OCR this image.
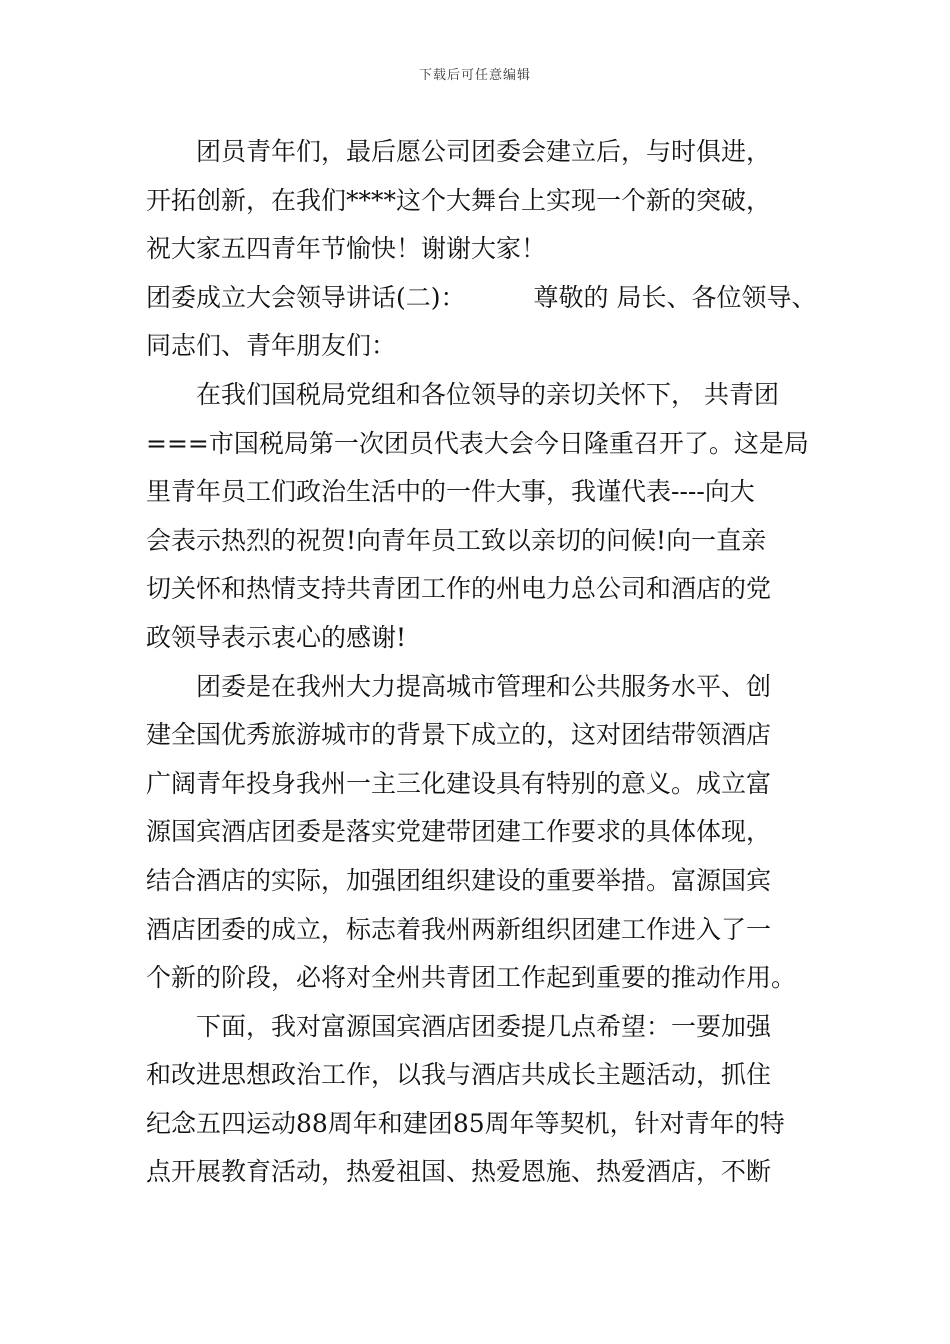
下载后可任意编辑
团员青年们，最后愿公司团委会建立后，与时俱进，
开拓创新，在我们****这个大舞台上实现一个新的突破，
祝大家五四青年节愉快！谢谢大家！
团委成立大会领导讲话(二)：	尊敬的 局长、各位领导、
同志们、青年朋友们：
在我们国税局党组和各位领导的亲切关怀下， 共青团
===市国税局第一次团员代表大会今日隆重召开了。这是局
里青年员工们政治生活中的一件大事，我谨代表----向大
会表示热烈的祝贺!向青年员工致以亲切的问候!向一直亲
切关怀和热情支持共青团工作的州电力总公司和酒店的党
政领导表示衷心的感谢!
团委是在我州大力提高城市管理和公共服务水平、创
建全国优秀旅游城市的背景下成立的，这对团结带领酒店
广阔青年投身我州一主三化建设具有特别的意义。成立富
源国宾酒店团委是落实党建带团建工作要求的具体体现，
结合酒店的实际，加强团组织建设的重要举措。富源国宾
酒店团委的成立，标志着我州两新组织团建工作进入了一
个新的阶段，必将对全州共青团工作起到重要的推动作用。
下面，我对富源国宾酒店团委提几点希望：一要加强
和改进思想政治工作，以我与酒店共成长主题活动，抓住
纪念五四运动88周年和建团85周年等契机，针对青年的特
点开展教育活动，热爱祖国、热爱恩施、热爱酒店，不断
